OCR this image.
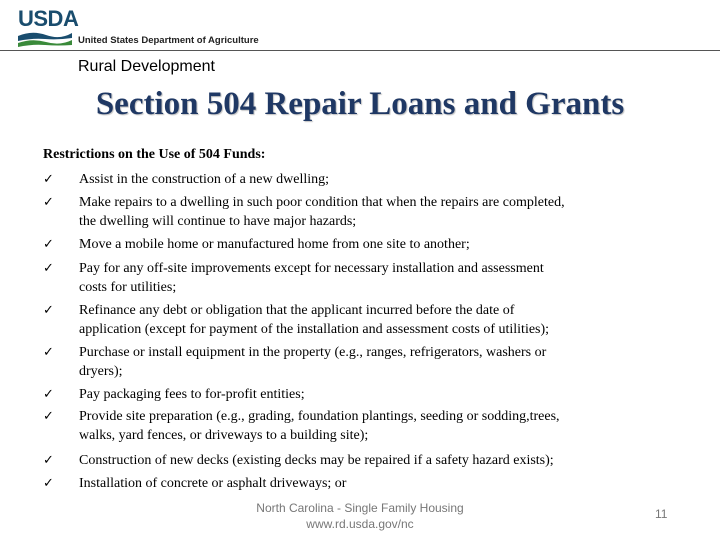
USDA
United States Department of Agriculture
Rural Development
Section 504 Repair Loans and Grants
Restrictions on the Use of 504 Funds:
✓ Assist in the construction of a new dwelling;
✓ Make repairs to a dwelling in such poor condition that when the repairs are completed,
the dwelling will continue to have major hazards;
✓ Move a mobile home or manufactured home from one site to another;
✓ Pay for any off-site improvements except for necessary installation and assessment
costs for utilities;
✓ Refinance any debt or obligation that the applicant incurred before the date of
application (except for payment of the installation and assessment costs of utilities);
✓ Purchase or install equipment in the property (e.g., ranges, refrigerators, washers or
dryers);
✓ Pay packaging fees to for-profit entities;
✓ Provide site preparation (e.g., grading, foundation plantings, seeding or sodding,trees,
walks, yard fences, or driveways to a building site);
✓ Construction of new decks (existing decks may be repaired if a safety hazard exists);
✓ Installation of concrete or asphalt driveways; or
North Carolina - Single Family Housing
www.rd.usda.gov/nc
11
